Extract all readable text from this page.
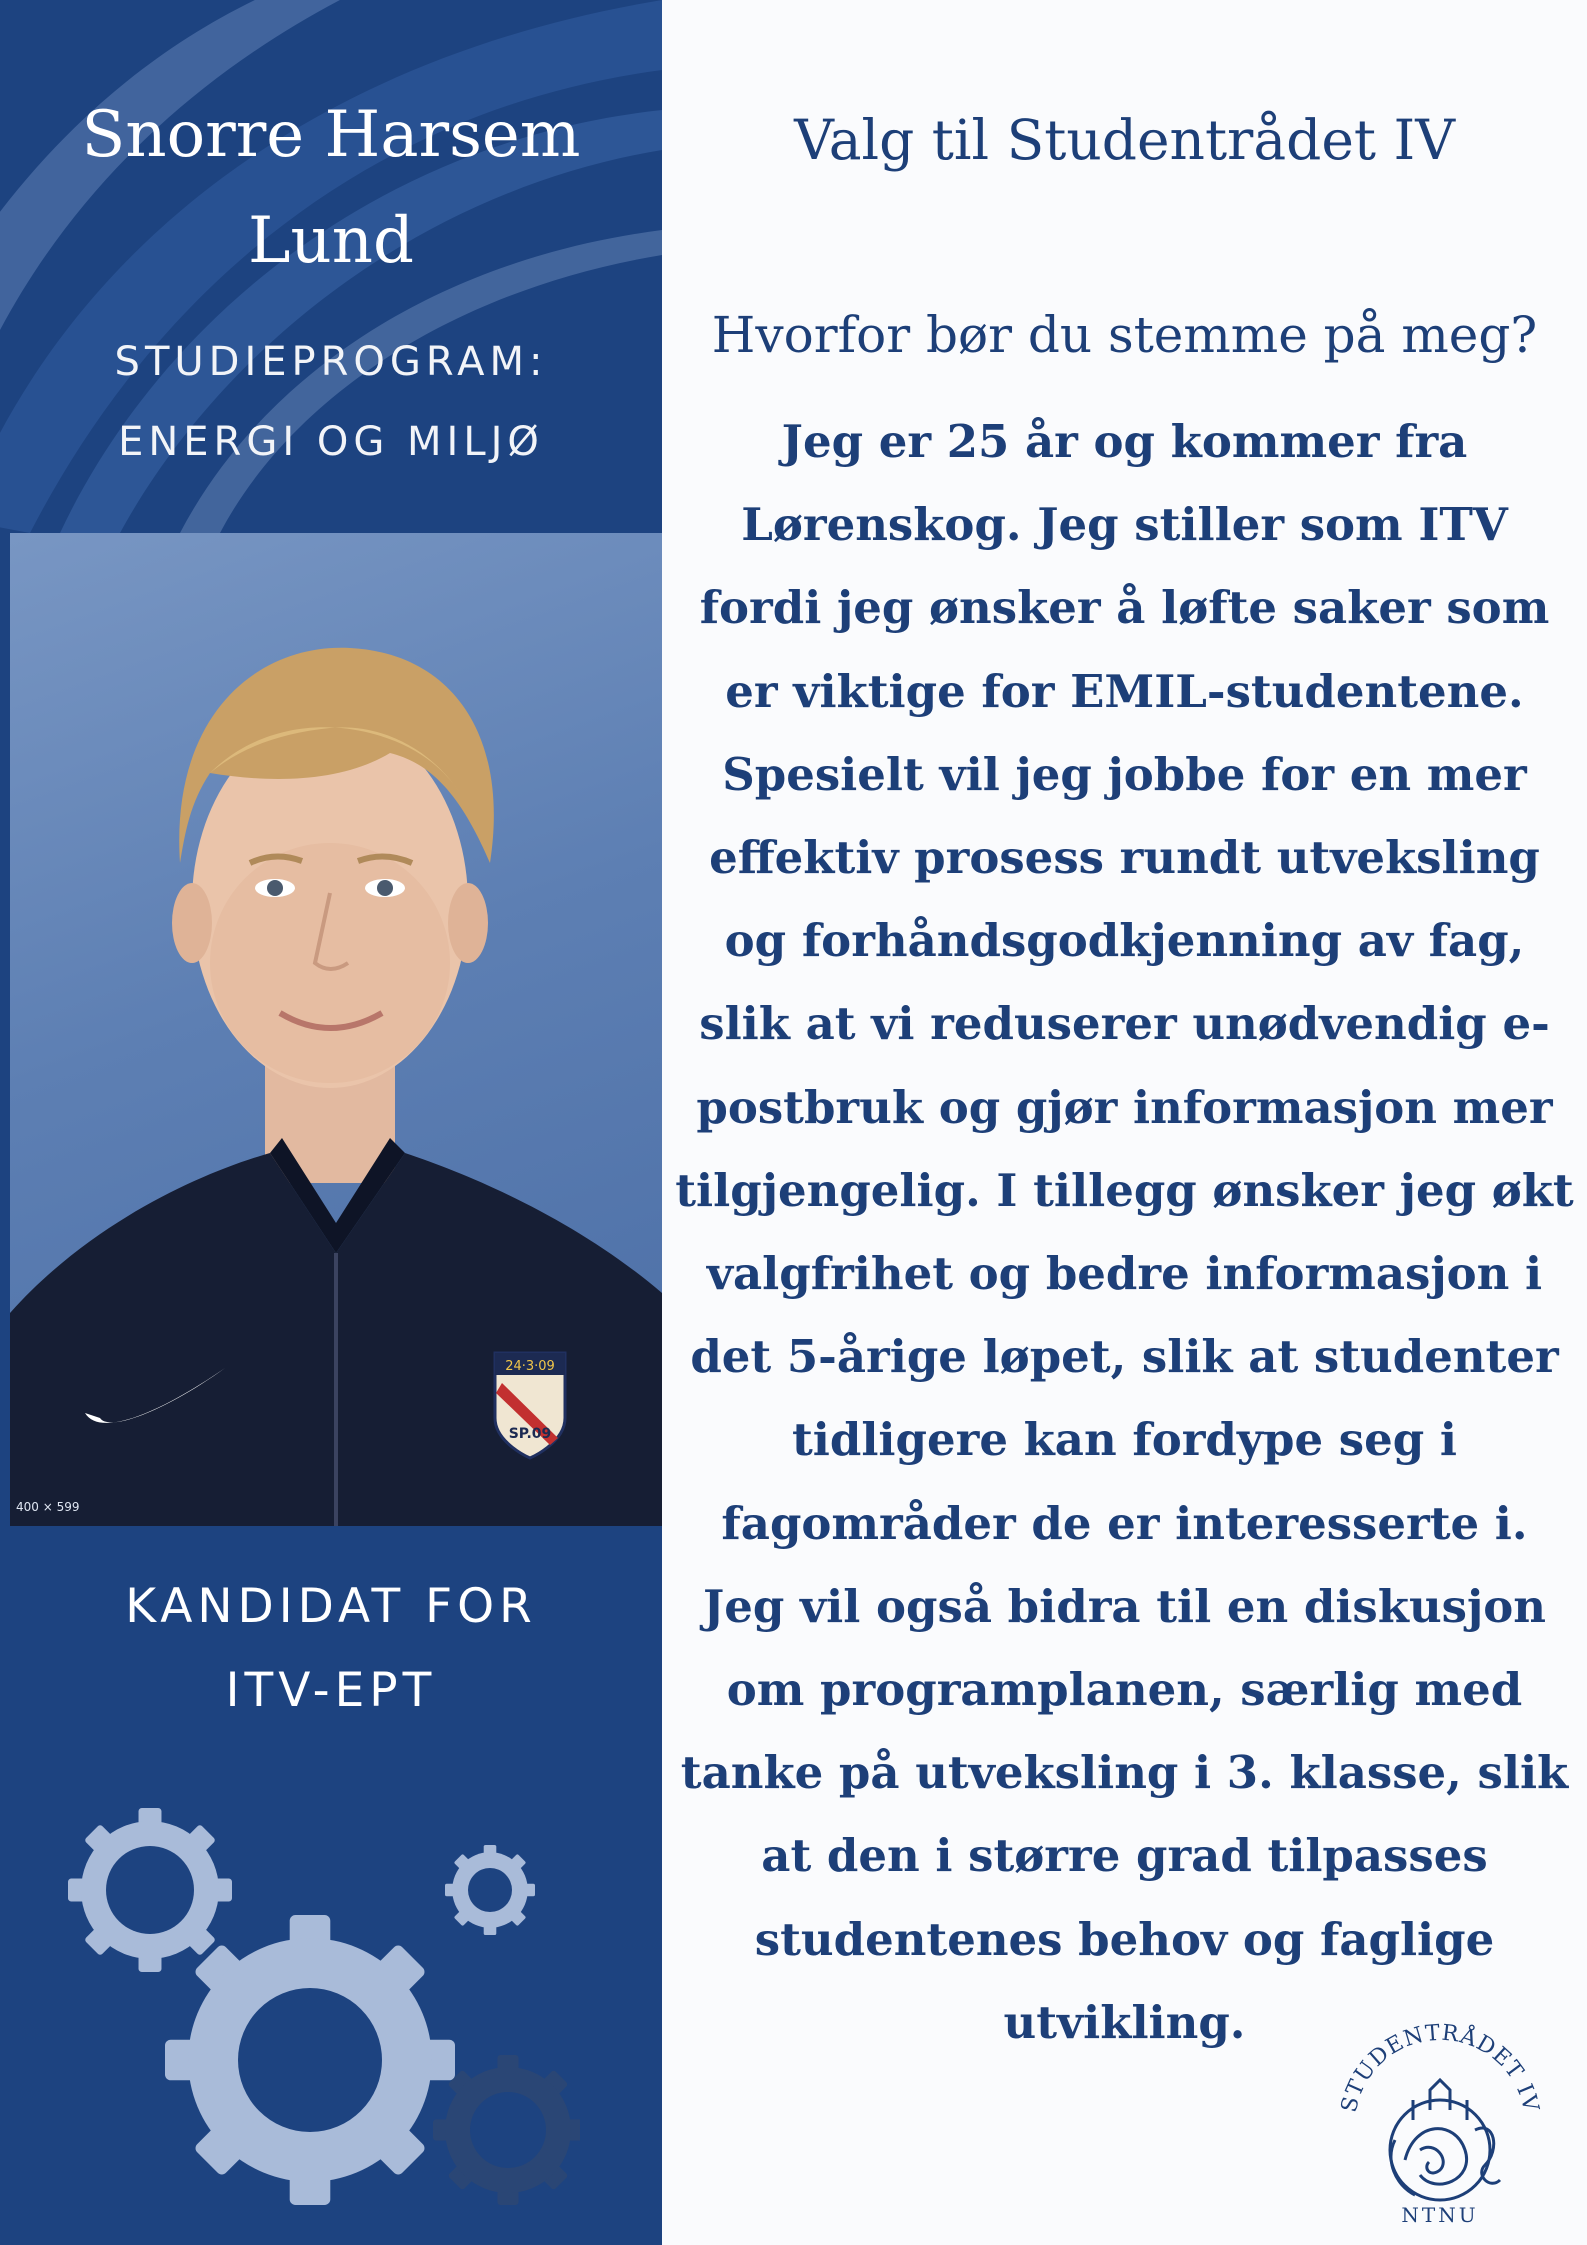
Snorre Harsem
Lund
STUDIEPROGRAM:
ENERGI OG MILJØ
24·3·09
SP.09
400 × 599
KANDIDAT FOR
ITV-EPT
Valg til Studentrådet IV
Hvorfor bør du stemme på meg?
Jeg er 25 år og kommer fra
Lørenskog. Jeg stiller som ITV
fordi jeg ønsker å løfte saker som
er viktige for EMIL-studentene.
Spesielt vil jeg jobbe for en mer
effektiv prosess rundt utveksling
og forhåndsgodkjenning av fag,
slik at vi reduserer unødvendig e-
postbruk og gjør informasjon mer
tilgjengelig. I tillegg ønsker jeg økt
valgfrihet og bedre informasjon i
det 5-årige løpet, slik at studenter
tidligere kan fordype seg i
fagområder de er interesserte i.
Jeg vil også bidra til en diskusjon
om programplanen, særlig med
tanke på utveksling i 3. klasse, slik
at den i større grad tilpasses
studentenes behov og faglige
utvikling.
STUDENTRÅDET IV
NTNU
